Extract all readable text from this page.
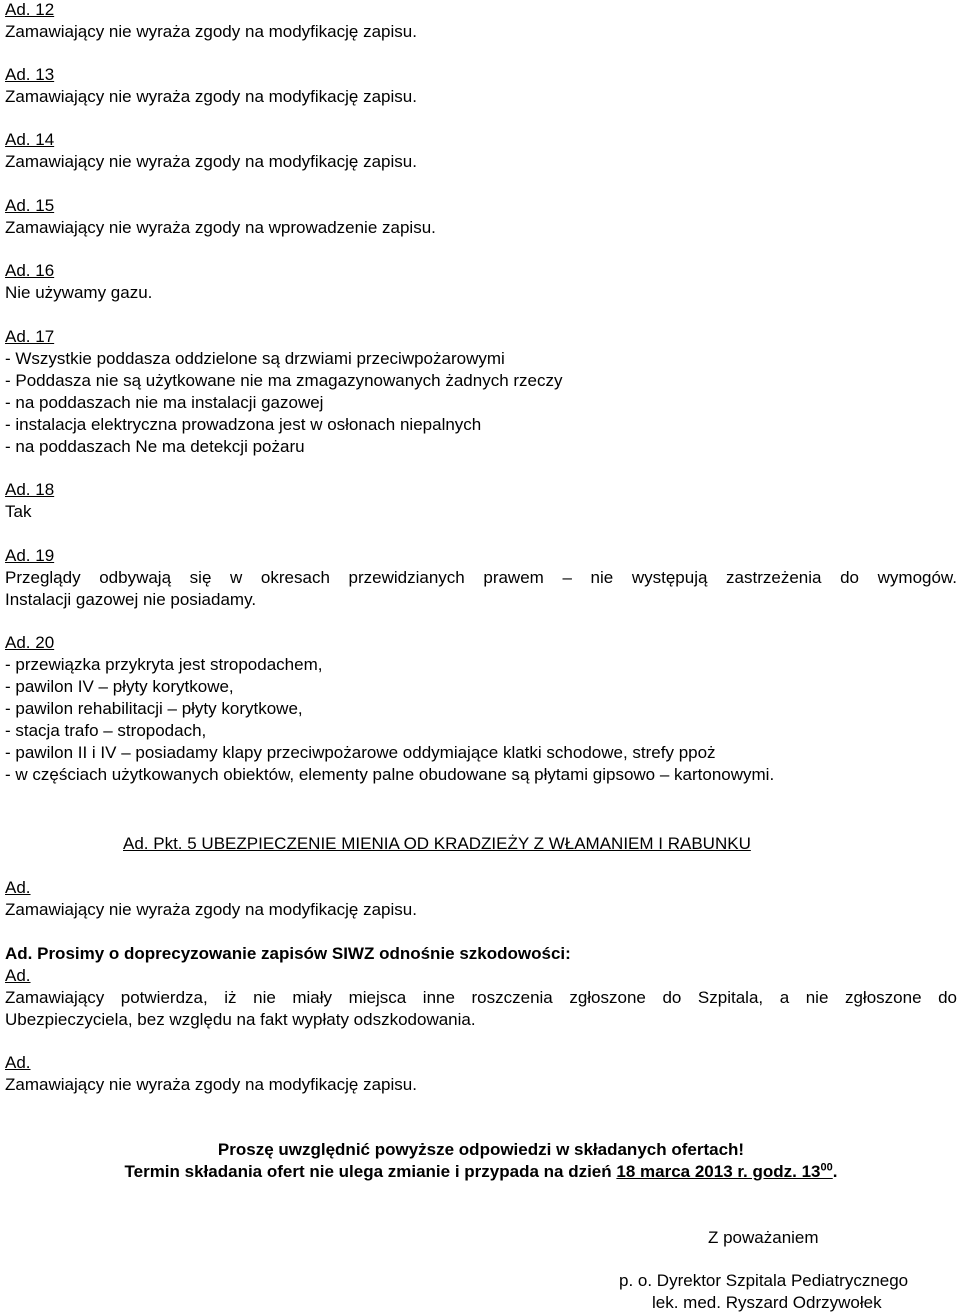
Ad. 12
Zamawiający nie wyraża zgody na modyfikację zapisu.
Ad. 13
Zamawiający nie wyraża zgody na modyfikację zapisu.
Ad. 14
Zamawiający nie wyraża zgody na modyfikację zapisu.
Ad. 15
Zamawiający nie wyraża zgody na wprowadzenie zapisu.
Ad. 16
Nie używamy gazu.
Ad. 17
- Wszystkie poddasza oddzielone są drzwiami przeciwpożarowymi
- Poddasza nie są użytkowane nie ma zmagazynowanych żadnych rzeczy
- na poddaszach nie ma instalacji gazowej
- instalacja elektryczna prowadzona jest w osłonach niepalnych
- na poddaszach Ne ma detekcji pożaru
Ad. 18
Tak
Ad. 19
Przeglądy odbywają się w okresach przewidzianych prawem – nie występują zastrzeżenia do wymogów.
Instalacji gazowej nie posiadamy.
Ad. 20
- przewiązka przykryta jest stropodachem,
- pawilon IV – płyty korytkowe,
- pawilon rehabilitacji – płyty korytkowe,
- stacja trafo – stropodach,
- pawilon II i IV – posiadamy klapy przeciwpożarowe oddymiające klatki schodowe, strefy ppoż
- w częściach użytkowanych obiektów, elementy palne obudowane są płytami gipsowo – kartonowymi.
Ad. Pkt. 5 UBEZPIECZENIE MIENIA OD KRADZIEŻY Z WŁAMANIEM I RABUNKU
Ad.
Zamawiający nie wyraża zgody na modyfikację zapisu.
Ad. Prosimy o doprecyzowanie zapisów SIWZ odnośnie szkodowości:
Ad.
Zamawiający potwierdza, iż nie miały miejsca inne roszczenia zgłoszone do Szpitala, a nie zgłoszone do
Ubezpieczyciela, bez względu na fakt wypłaty odszkodowania.
Ad.
Zamawiający nie wyraża zgody na modyfikację zapisu.
Proszę uwzględnić powyższe odpowiedzi w składanych ofertach!
Termin składania ofert nie ulega zmianie i przypada na dzień 18 marca 2013 r. godz. $13^{00}$.
Z poważaniem
p. o. Dyrektor Szpitala Pediatrycznego
lek. med. Ryszard Odrzywołek
